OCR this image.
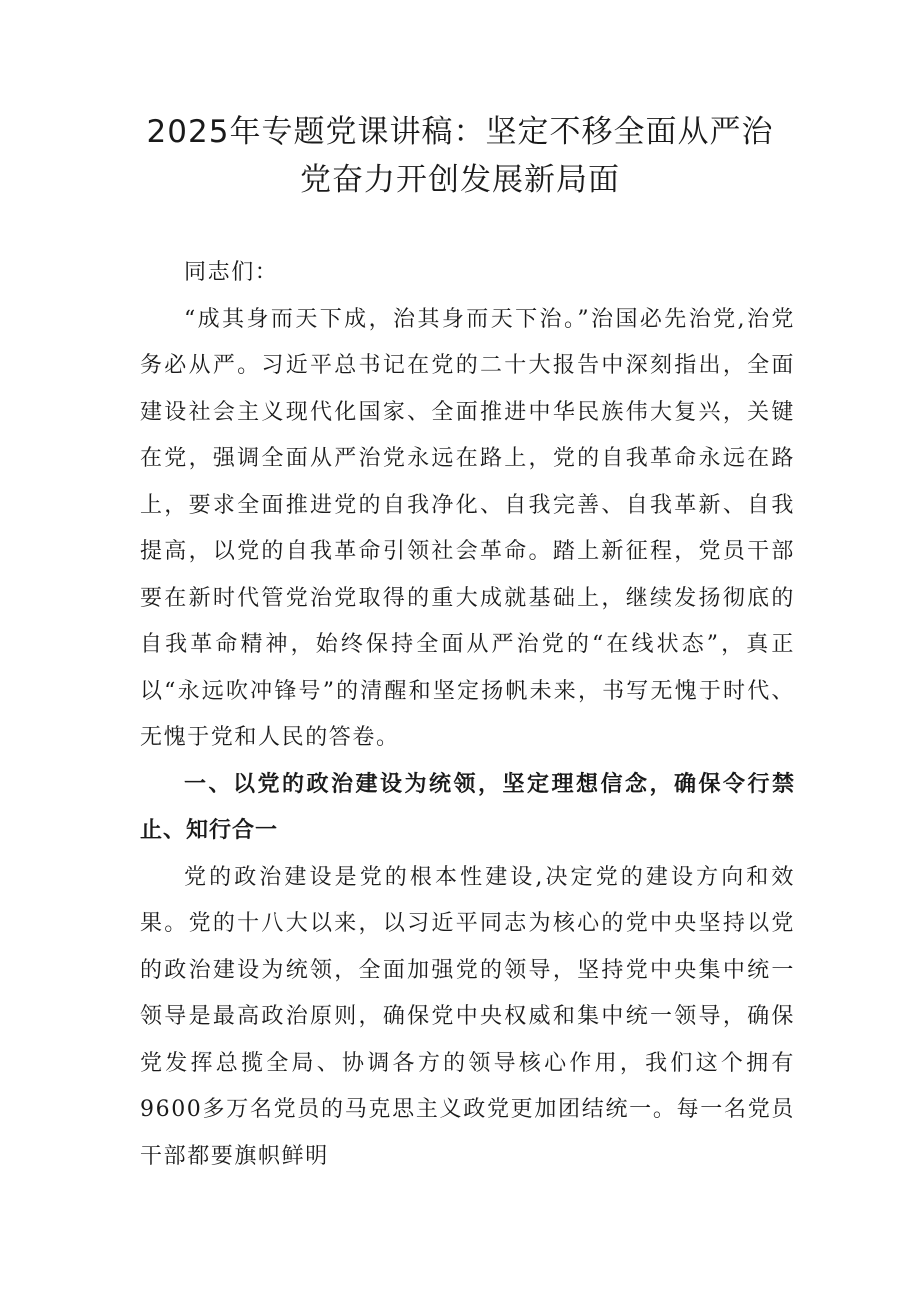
2025年专题党课讲稿：坚定不移全面从严治
党奋力开创发展新局面

同志们：

“成其身而天下成，治其身而天下治。”治国必先治党,治党务必从严。习近平总书记在党的二十大报告中深刻指出，全面建设社会主义现代化国家、全面推进中华民族伟大复兴，关键在党，强调全面从严治党永远在路上，党的自我革命永远在路上，要求全面推进党的自我净化、自我完善、自我革新、自我提高，以党的自我革命引领社会革命。踏上新征程，党员干部要在新时代管党治党取得的重大成就基础上，继续发扬彻底的自我革命精神，始终保持全面从严治党的“在线状态”，真正以“永远吹冲锋号”的清醒和坚定扬帆未来，书写无愧于时代、无愧于党和人民的答卷。

一、以党的政治建设为统领，坚定理想信念，确保令行禁止、知行合一

党的政治建设是党的根本性建设,决定党的建设方向和效果。党的十八大以来，以习近平同志为核心的党中央坚持以党的政治建设为统领，全面加强党的领导，坚持党中央集中统一领导是最高政治原则，确保党中央权威和集中统一领导，确保党发挥总揽全局、协调各方的领导核心作用，我们这个拥有9600多万名党员的马克思主义政党更加团结统一。每一名党员干部都要旗帜鲜明
